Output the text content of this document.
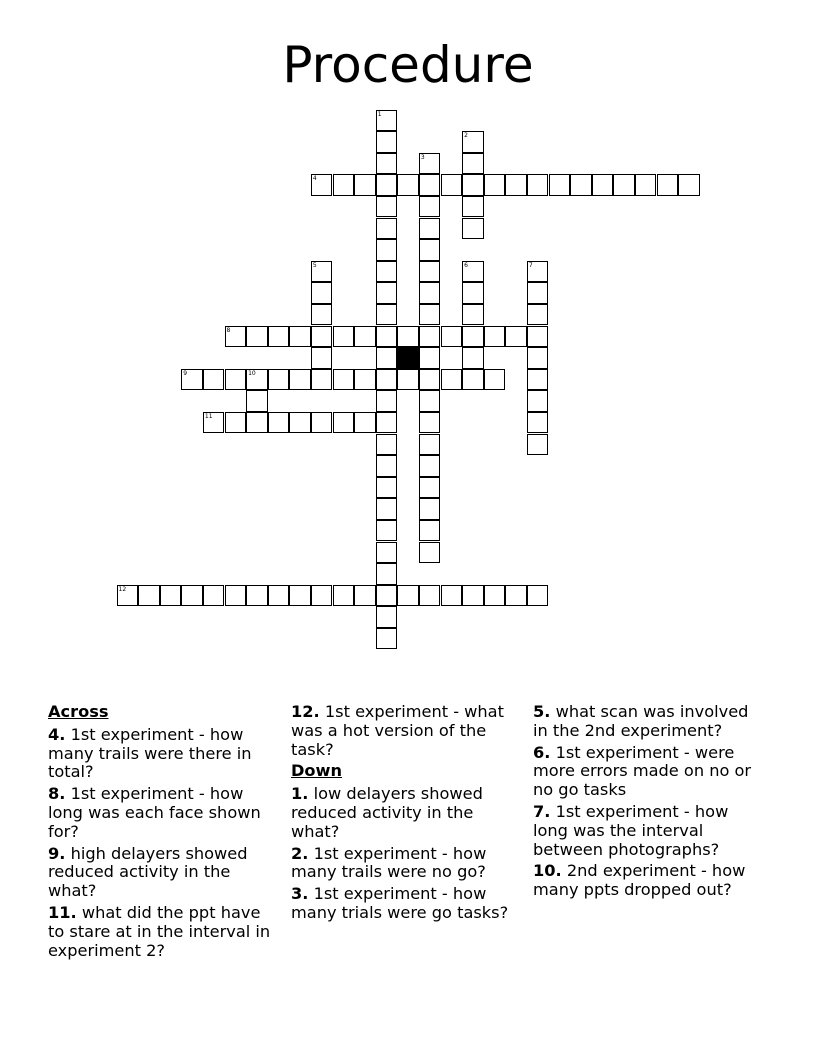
Procedure
1
2
3
4
5	6	7
8
9	10
11
12

Across

4. 1st experiment - how many trails were there in total?

8. 1st experiment - how long was each face shown for?

9. high delayers showed reduced activity in the what?

11. what did the ppt have to stare at in the interval in experiment 2?

12. 1st experiment - what was a hot version of the task?

Down

1. low delayers showed reduced activity in the what?

2. 1st experiment - how many trails were no go?

3. 1st experiment - how many trials were go tasks?

5. what scan was involved in the 2nd experiment?

6. 1st experiment - were more errors made on no or no go tasks

7. 1st experiment - how long was the interval between photographs?

10. 2nd experiment - how many ppts dropped out?
